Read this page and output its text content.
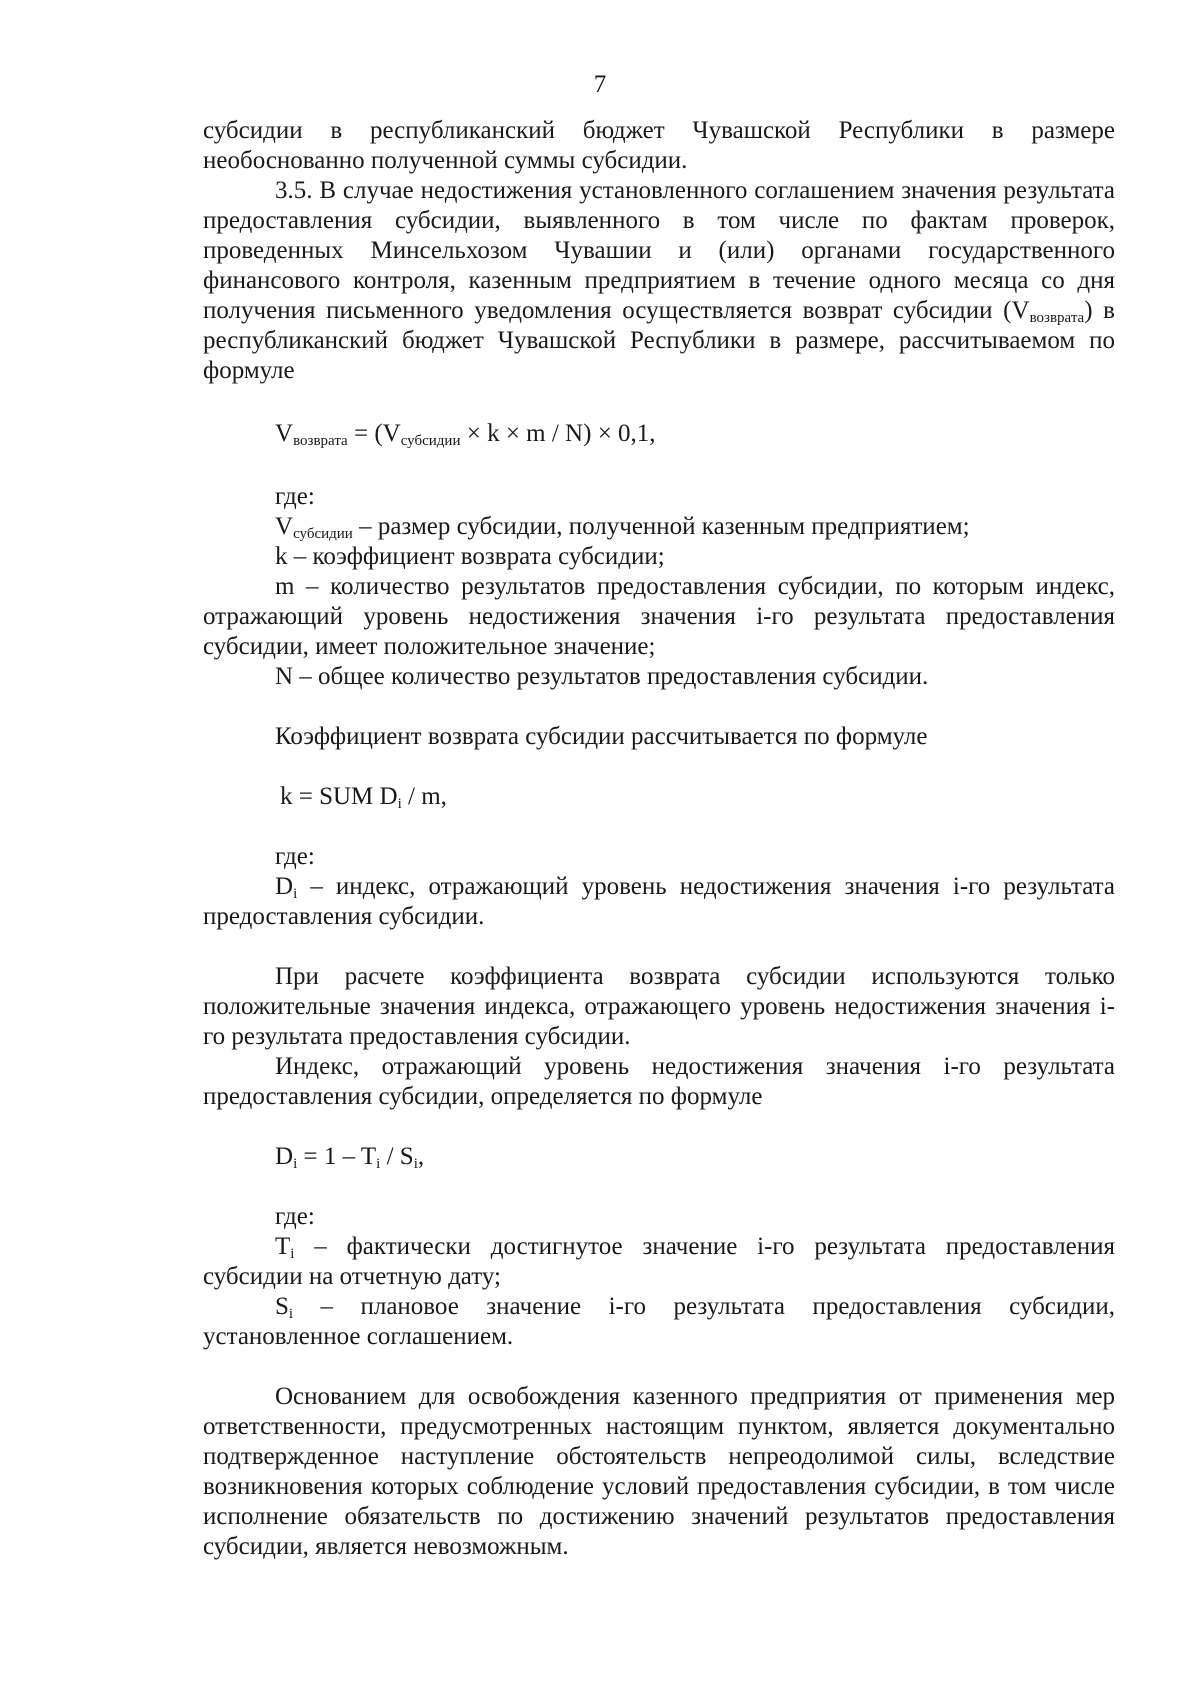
7

субсидии в республиканский бюджет Чувашской Республики в размере необоснованно полученной суммы субсидии.

3.5. В случае недостижения установленного соглашением значения результата предоставления субсидии, выявленного в том числе по фактам проверок, проведенных Минсельхозом Чувашии и (или) органами государственного финансового контроля, казенным предприятием в течение одного месяца со дня получения письменного уведомления осуществляется возврат субсидии $(V_{возврата})$ в республиканский бюджет Чувашской Республики в размере, рассчитываемом по формуле

$V_{возврата} = (V_{субсидии} \times k \times m / N) \times 0,1$,

где:

$V_{субсидии}$ – размер субсидии, полученной казенным предприятием;

k – коэффициент возврата субсидии;

m – количество результатов предоставления субсидии, по которым индекс, отражающий уровень недостижения значения i-го результата предоставления субсидии, имеет положительное значение;

N – общее количество результатов предоставления субсидии.

Коэффициент возврата субсидии рассчитывается по формуле

k = SUM $D_i$ / m,

где:

$D_i$ – индекс, отражающий уровень недостижения значения i-го результата предоставления субсидии.

При расчете коэффициента возврата субсидии используются только положительные значения индекса, отражающего уровень недостижения значения i-го результата предоставления субсидии.

Индекс, отражающий уровень недостижения значения i-го результата предоставления субсидии, определяется по формуле

$D_i = 1 - T_i / S_i$,

где:

$T_i$ – фактически достигнутое значение i-го результата предоставления субсидии на отчетную дату;

$S_i$ – плановое значение i-го результата предоставления субсидии, установленное соглашением.

Основанием для освобождения казенного предприятия от применения мер ответственности, предусмотренных настоящим пунктом, является документально подтвержденное наступление обстоятельств непреодолимой силы, вследствие возникновения которых соблюдение условий предоставления субсидии, в том числе исполнение обязательств по достижению значений результатов предоставления субсидии, является невозможным.
